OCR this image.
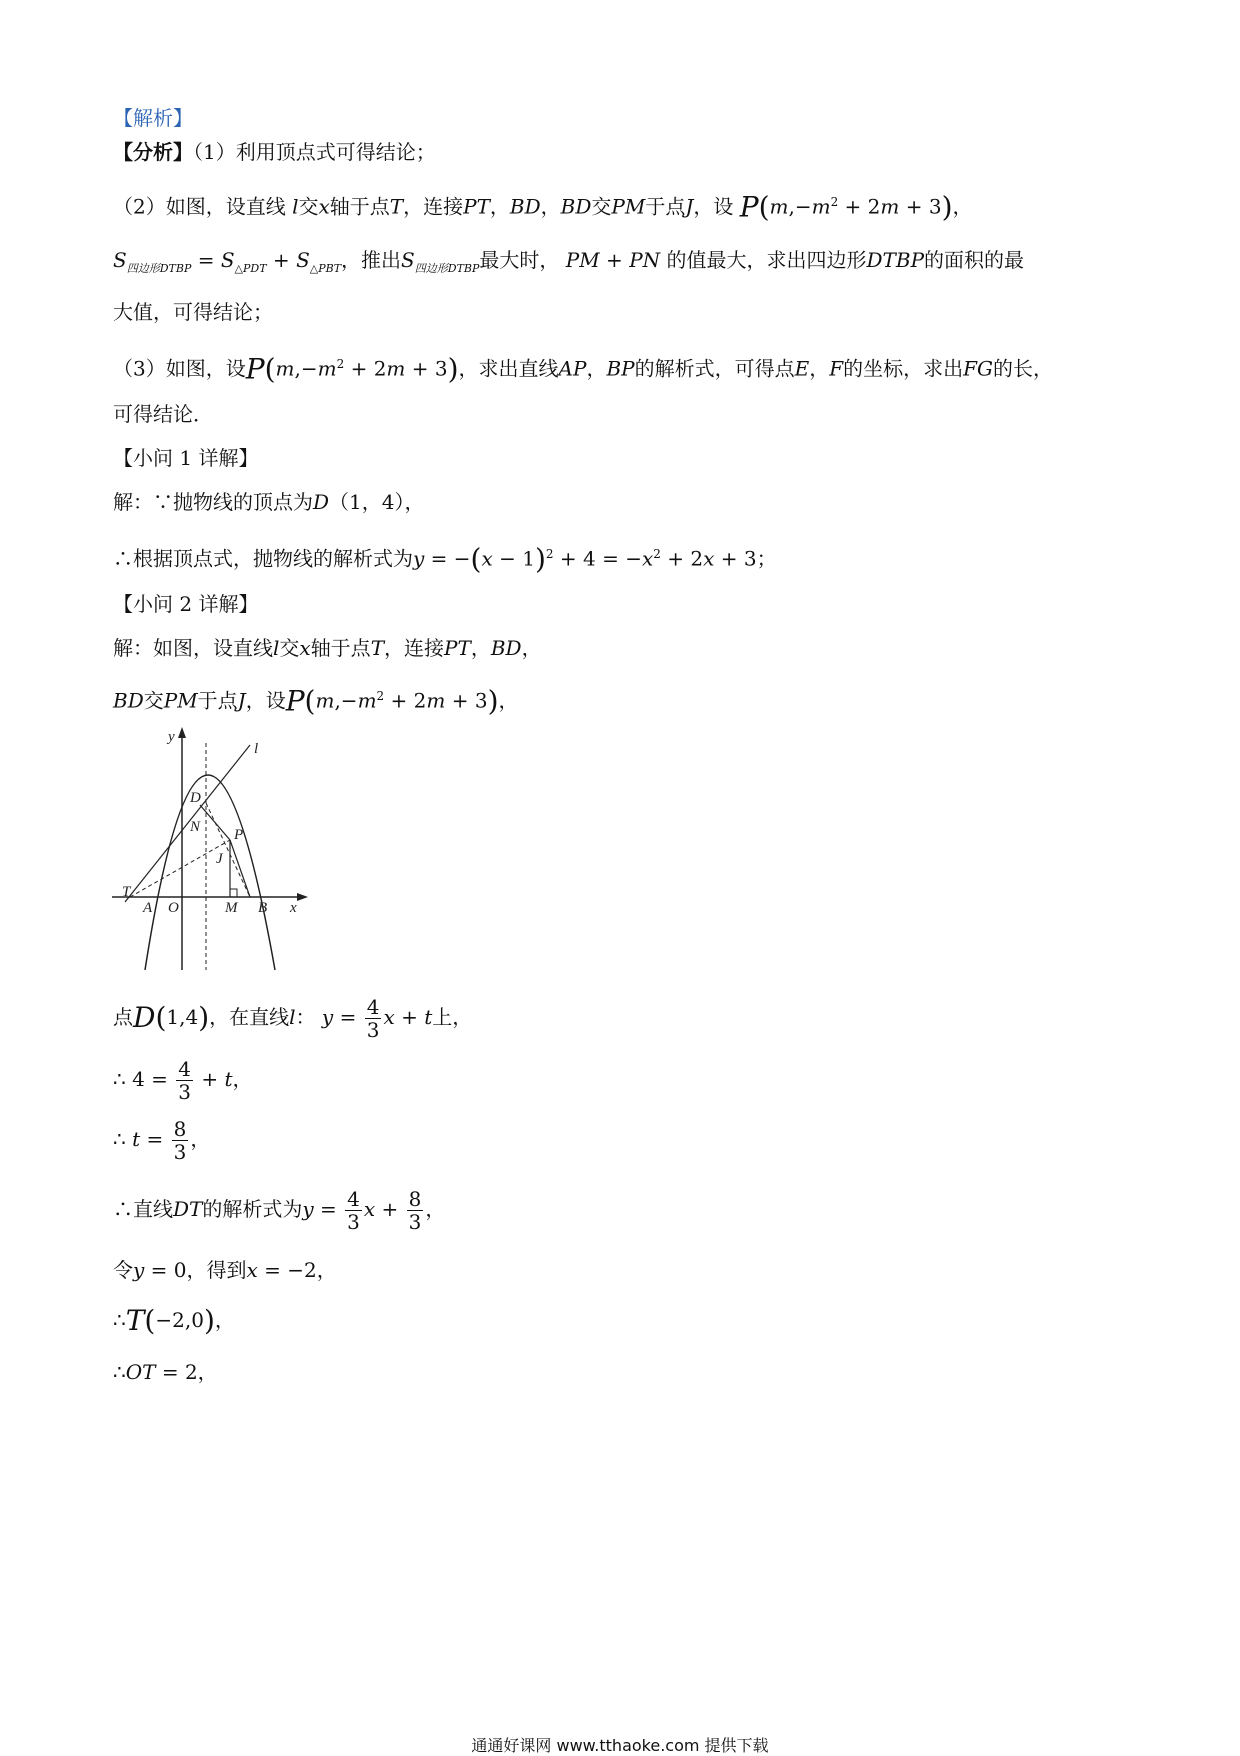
【解析】
【分析】（1）利用顶点式可得结论；
（2）如图，设直线 l交x轴于点T，连接PT，BD，BD交PM于点J，设 $P(m,-m^2 + 2m + 3)$，
$S_{四边形DTBP} = S_{\triangle PDT} + S_{\triangle PBT}$，推出$S_{四边形DTBP}$最大时， PM + PN 的值最大，求出四边形DTBP的面积的最
大值，可得结论；
（3）如图，设$P(m,-m^2 + 2m + 3)$，求出直线AP，BP的解析式，可得点E，F的坐标，求出FG的长，
可得结论．
【小问 1 详解】
解：∵抛物线的顶点为D（1，4），
∴根据顶点式，抛物线的解析式为$y = -(x - 1)^2 + 4 = -x^2 + 2x + 3$；
【小问 2 详解】
解：如图，设直线l交x轴于点T，连接PT，BD，
BD交PM于点J，设$P(m,-m^2 + 2m + 3)$，
y
l
D
N P
J
T
A O	M B x
点D(1,4)，在直线l： $y = \frac{4}{3}$ x + t上，
∴ $4 = \frac{4}{3} + t$，
∴ $t = \frac{8}{3}$ ，
∴直线DT的解析式为$y = \frac{4}{3}$ $x + \frac{8}{3}$ ，
令y = 0，得到x = −2，
∴T(−2,0)，
∴OT = 2，
通通好课网 www.tthaoke.com 提供下载
